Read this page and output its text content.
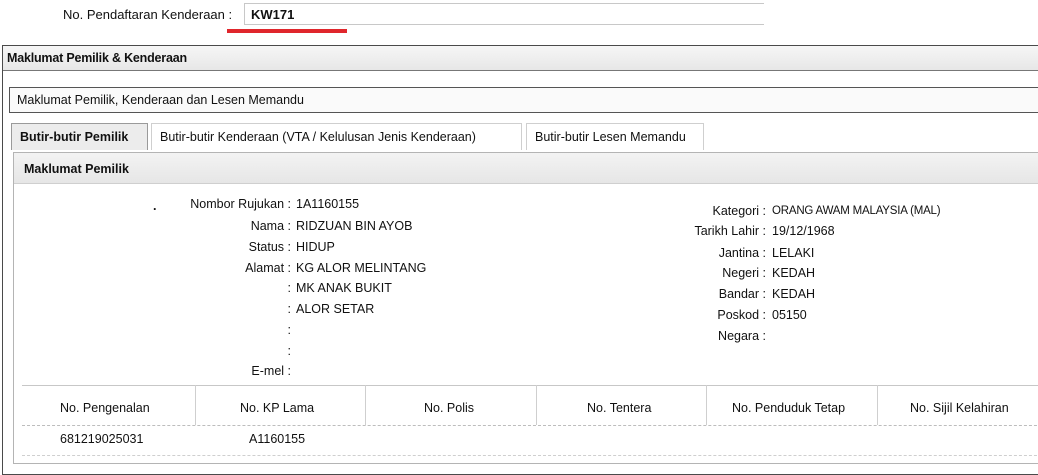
No. Pendaftaran Kenderaan :	KW171
Maklumat Pemilik & Kenderaan
Maklumat Pemilik, Kenderaan dan Lesen Memandu
Butir-butir Pemilik	Butir-butir Kenderaan (VTA / Kelulusan Jenis Kenderaan)	Butir-butir Lesen Memandu
Maklumat Pemilik
.	Nombor Rujukan : 1A1160155
Nama : RIDZUAN BIN AYOB
Status : HIDUP
Alamat : KG ALOR MELINTANG
: MK ANAK BUKIT
: ALOR SETAR
:
:
E-mel :
Kategori : ORANG AWAM MALAYSIA (MAL)
Tarikh Lahir : 19/12/1968
Jantina : LELAKI
Negeri : KEDAH
Bandar : KEDAH
Poskod : 05150
Negara :
No. Pengenalan	No. KP Lama	No. Polis	No. Tentera	No. Penduduk Tetap	No. Sijil Kelahiran
681219025031	A1160155
